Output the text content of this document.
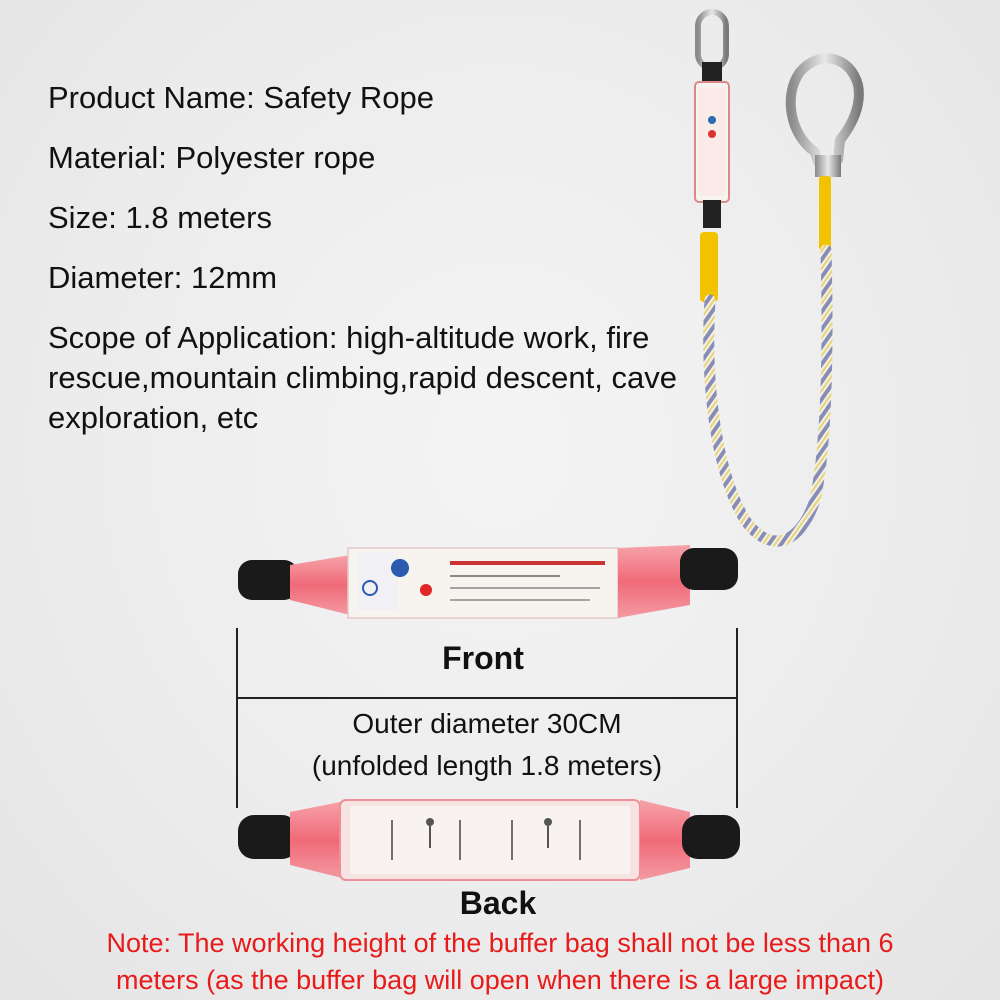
Product Name: Safety Rope

Material: Polyester rope

Size: 1.8 meters

Diameter: 12mm

Scope of Application: high-altitude work, fire rescue,mountain climbing,rapid descent, cave exploration, etc

Front
Outer diameter 30CM
(unfolded length 1.8 meters)
Back
Note: The working height of the buffer bag shall not be less than 6
meters (as the buffer bag will open when there is a large impact)
